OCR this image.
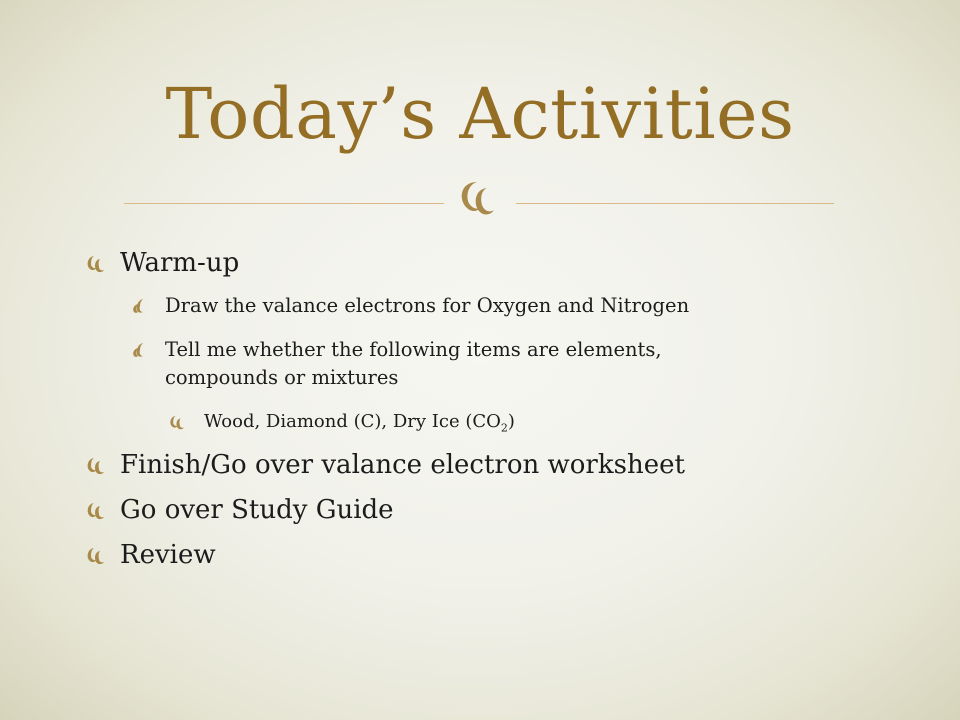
Today’s Activities
Warm-up
Draw the valance electrons for Oxygen and Nitrogen
Tell me whether the following items are elements,
compounds or mixtures
Wood, Diamond (C), Dry Ice $(CO_2)$
Finish/Go over valance electron worksheet
Go over Study Guide
Review
